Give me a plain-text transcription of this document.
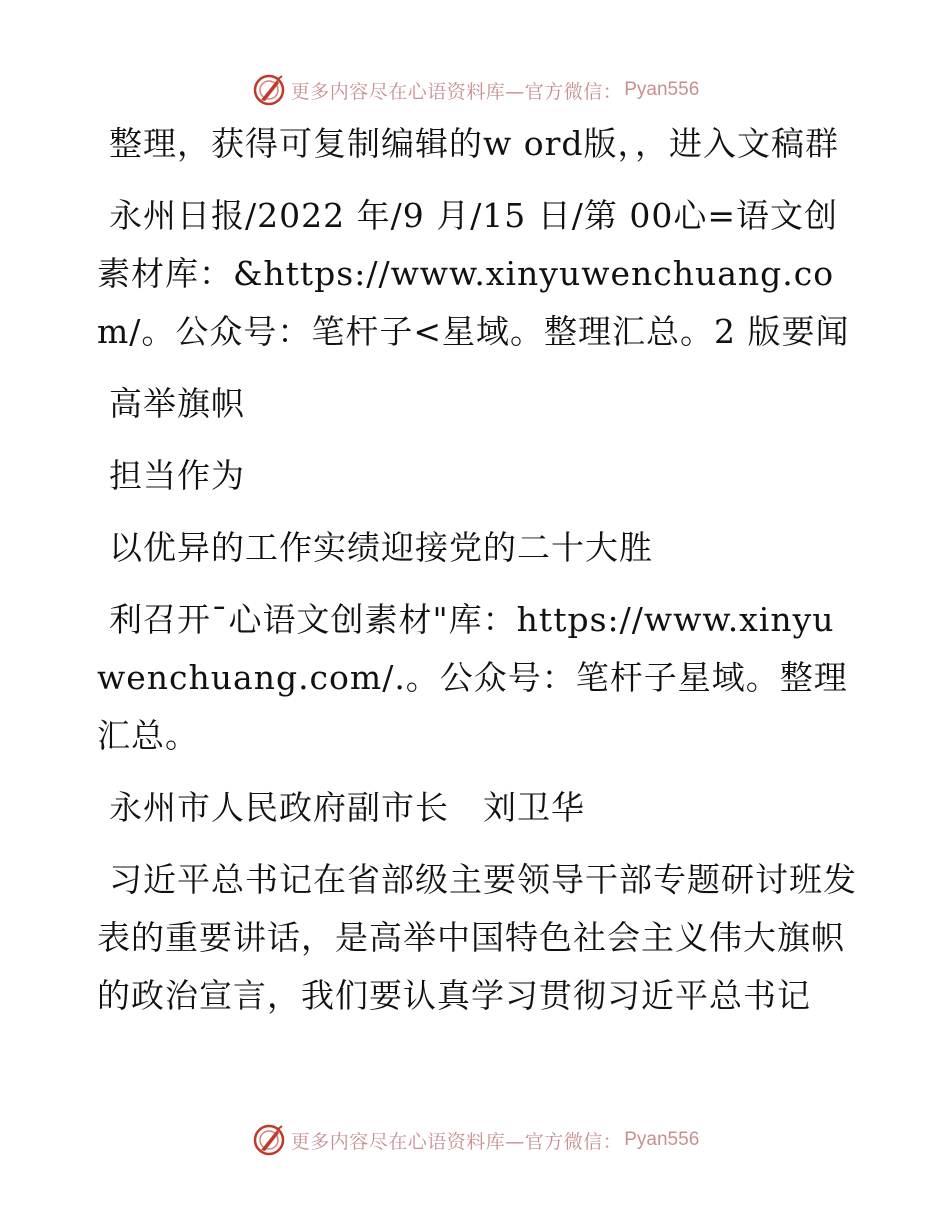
更多内容尽在心语资料库—官方微信： Pyan556

整理，获得可复制编辑的w ord版，，进入文稿群

永州日报/2022 年/9 月/15 日/第 00心=语文创素材库：&https://www.xinyuwenchuang.com/。公众号：笔杆子<星域。整理汇总。2 版要闻

高举旗帜

担当作为

以优异的工作实绩迎接党的二十大胜

利召开¯心语文创素材"库：https://www.xinyuwenchuang.com/.。公众号：笔杆子星域。整理汇总。

永州市人民政府副市长　刘卫华

习近平总书记在省部级主要领导干部专题研讨班发表的重要讲话，是高举中国特色社会主义伟大旗帜的政治宣言，我们要认真学习贯彻习近平总书记

更多内容尽在心语资料库—官方微信： Pyan556
